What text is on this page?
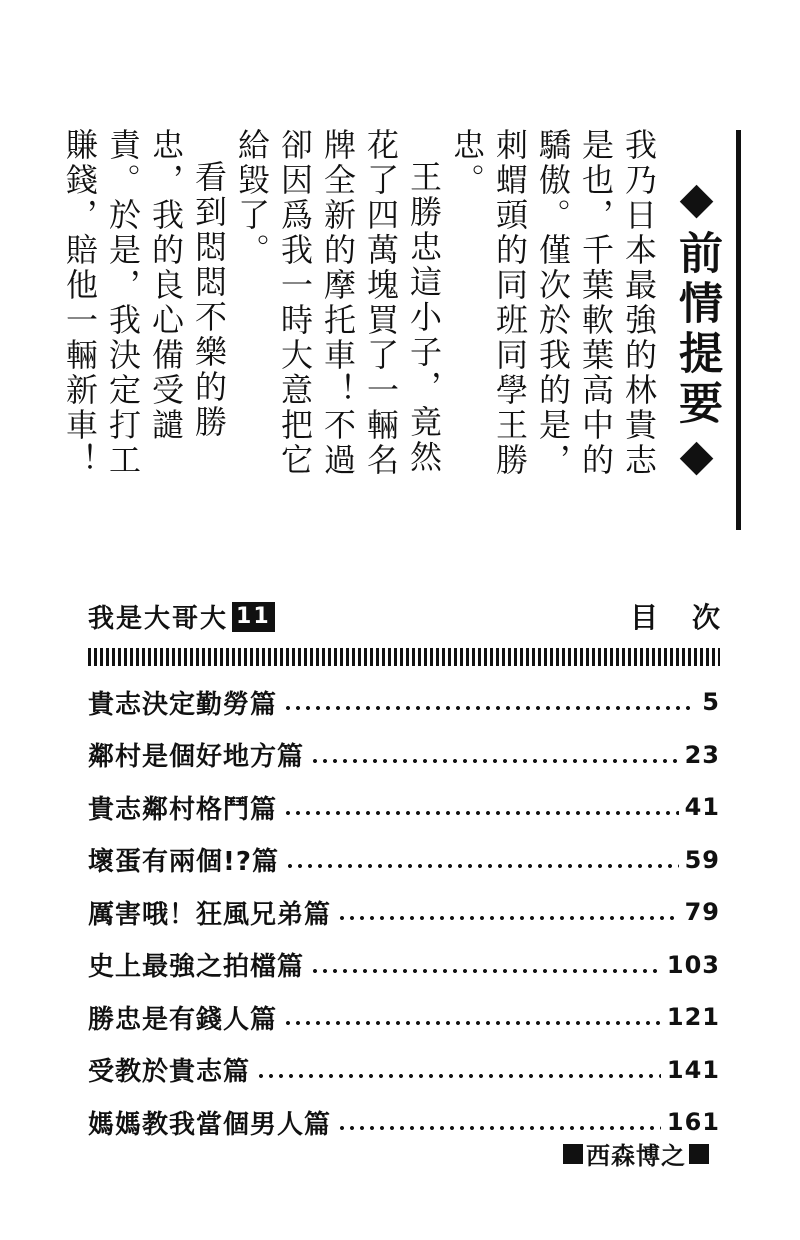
我乃日本最強的林貴志是也，千葉軟葉高中的驕傲。僅次於我的是，刺蝟頭的同班同學王勝忠。

王勝忠這小子，竟然花了四萬塊買了一輛名牌全新的摩托車！不過卻因爲我一時大意把它給毀了。

看到悶悶不樂的勝忠，我的良心備受譴責。於是，我決定打工賺錢，賠他一輛新車！	◆前情提要◆
我是大哥大 11	目次
貴志決定勤勞篇	5
鄰村是個好地方篇	23
貴志鄰村格鬥篇	41
壞蛋有兩個!?篇	59
厲害哦！狂風兄弟篇	79
史上最強之拍檔篇	103
勝忠是有錢人篇	121
受教於貴志篇	141
媽媽教我當個男人篇	161
西森博之
